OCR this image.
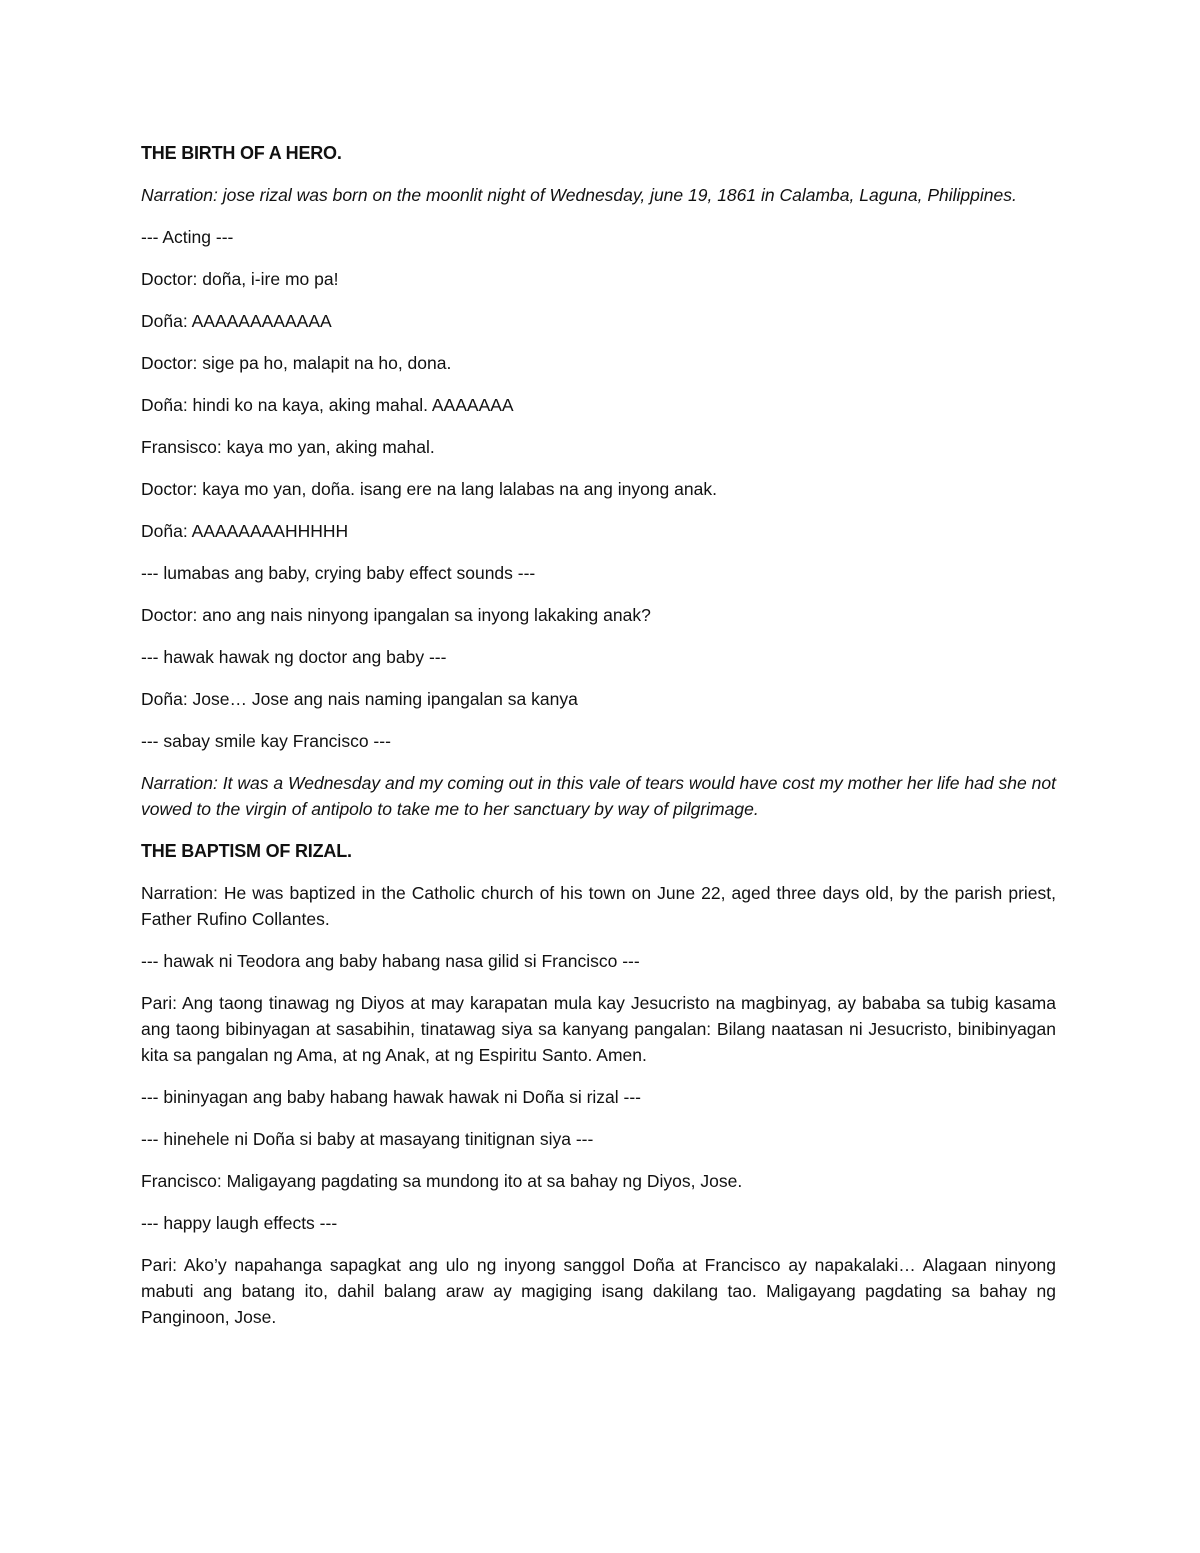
THE BIRTH OF A HERO.

Narration: jose rizal was born on the moonlit night of Wednesday, june 19, 1861 in Calamba, Laguna, Philippines.

--- Acting ---

Doctor: doña, i-ire mo pa!

Doña: AAAAAAAAAAAA

Doctor: sige pa ho, malapit na ho, dona.

Doña: hindi ko na kaya, aking mahal. AAAAAAA

Fransisco: kaya mo yan, aking mahal.

Doctor: kaya mo yan, doña. isang ere na lang lalabas na ang inyong anak.

Doña: AAAAAAAAHHHHH

--- lumabas ang baby, crying baby effect sounds ---

Doctor: ano ang nais ninyong ipangalan sa inyong lakaking anak?

--- hawak hawak ng doctor ang baby ---

Doña: Jose… Jose ang nais naming ipangalan sa kanya

--- sabay smile kay Francisco ---

Narration: It was a Wednesday and my coming out in this vale of tears would have cost my mother her life had she not vowed to the virgin of antipolo to take me to her sanctuary by way of pilgrimage.

THE BAPTISM OF RIZAL.

Narration: He was baptized in the Catholic church of his town on June 22, aged three days old, by the parish priest, Father Rufino Collantes.

--- hawak ni Teodora ang baby habang nasa gilid si Francisco ---

Pari: Ang taong tinawag ng Diyos at may karapatan mula kay Jesucristo na magbinyag, ay bababa sa tubig kasama ang taong bibinyagan at sasabihin, tinatawag siya sa kanyang pangalan: Bilang naatasan ni Jesucristo, binibinyagan kita sa pangalan ng Ama, at ng Anak, at ng Espiritu Santo. Amen.

--- bininyagan ang baby habang hawak hawak ni Doña si rizal ---

--- hinehele ni Doña si baby at masayang tinitignan siya ---

Francisco: Maligayang pagdating sa mundong ito at sa bahay ng Diyos, Jose.

--- happy laugh effects ---

Pari: Ako’y napahanga sapagkat ang ulo ng inyong sanggol Doña at Francisco ay napakalaki… Alagaan ninyong mabuti ang batang ito, dahil balang araw ay magiging isang dakilang tao. Maligayang pagdating sa bahay ng Panginoon, Jose.
